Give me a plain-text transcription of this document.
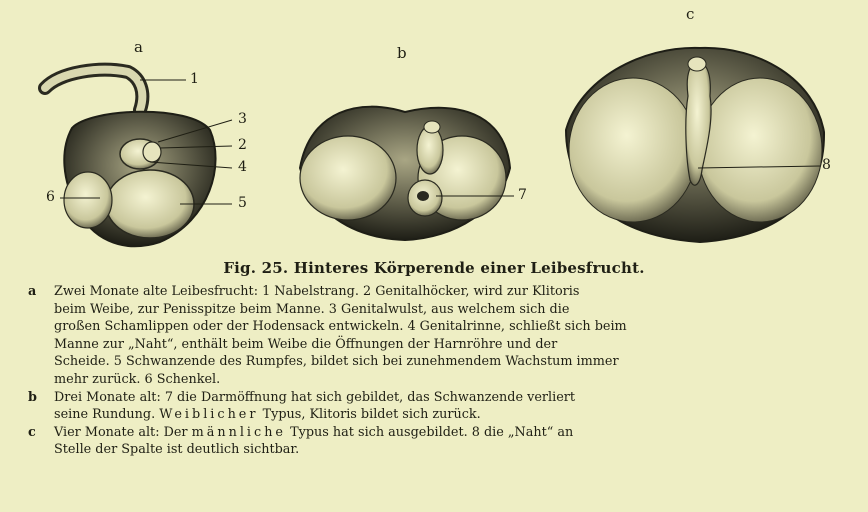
a	b
c
1
3
2
4
6	5	7
8
Fig. 25. Hinteres Körperende einer Leibesfrucht.
a Zwei Monate alte Leibesfrucht: 1 Nabelstrang. 2 Genitalhöcker, wird zur Klitoris
beim Weibe, zur Penisspitze beim Manne. 3 Genitalwulst, aus welchem sich die
großen Schamlippen oder der Hodensack entwickeln. 4 Genitalrinne, schließt sich beim
Manne zur „Naht“, enthält beim Weibe die Öffnungen der Harnröhre und der
Scheide. 5 Schwanzende des Rumpfes, bildet sich bei zunehmendem Wachstum immer
mehr zurück. 6 Schenkel.

b Drei Monate alt: 7 die Darmöffnung hat sich gebildet, das Schwanzende verliert
seine Rundung. Weiblicher Typus, Klitoris bildet sich zurück.

c Vier Monate alt: Der männliche Typus hat sich ausgebildet. 8 die „Naht“ an
Stelle der Spalte ist deutlich sichtbar.
